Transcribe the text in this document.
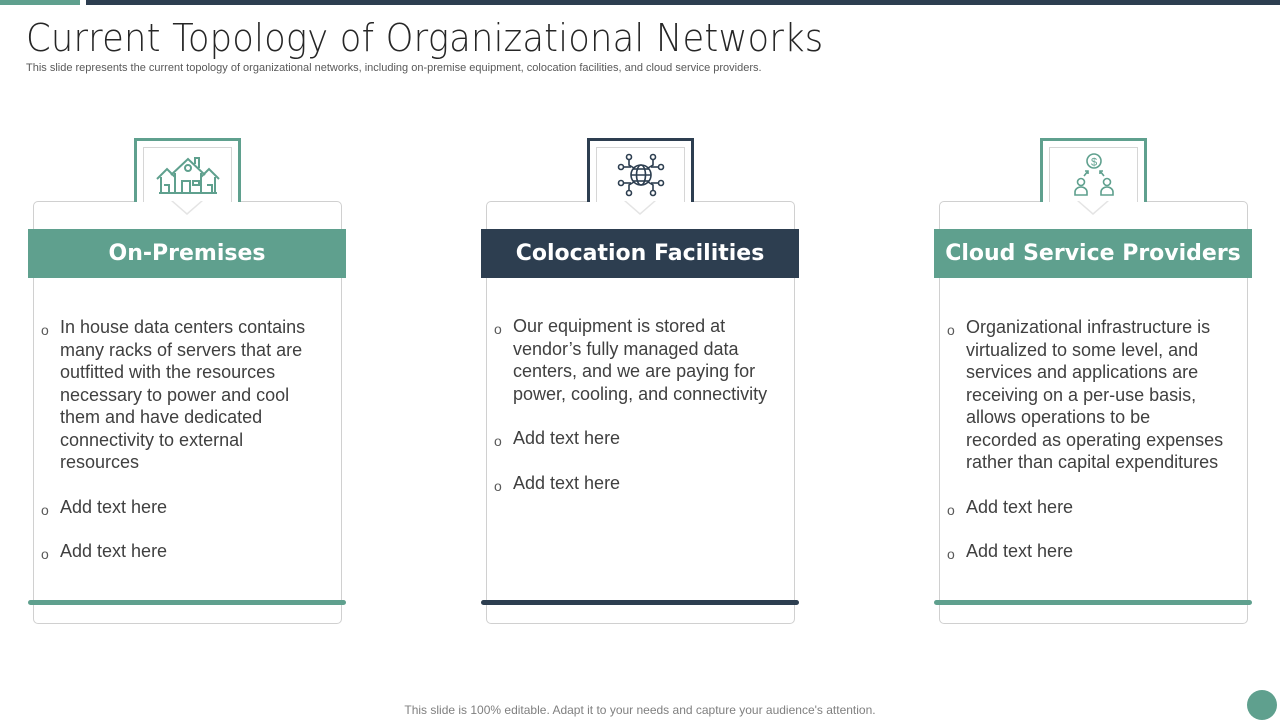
Current Topology of Organizational Networks

This slide represents the current topology of organizational networks, including on-premise equipment, colocation facilities, and cloud service providers.

On-Premises
o In house data centers contains many racks of servers that are outfitted with the resources necessary to power and cool them and have dedicated connectivity to external resources
o Add text here
o Add text here
Colocation Facilities
o Our equipment is stored at vendor’s fully managed data centers, and we are paying for power, cooling, and connectivity
o Add text here
o Add text here
$
Cloud Service Providers
o Organizational infrastructure is virtualized to some level, and services and applications are receiving on a per-use basis, allows operations to be recorded as operating expenses rather than capital expenditures
o Add text here
o Add text here

This slide is 100% editable. Adapt it to your needs and capture your audience's attention.
